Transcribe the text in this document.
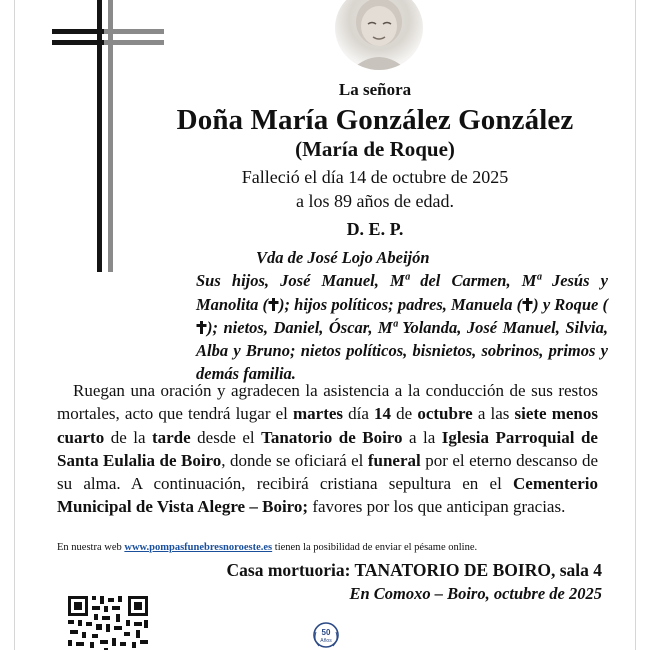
La señora
Doña María González González
(María de Roque)
Falleció el día 14 de octubre de 2025
a los 89 años de edad.
D. E. P.
Vda de José Lojo Abeijón
Sus hijos, José Manuel, Mª del Carmen, Mª Jesús y Manolita ( ); hijos políticos; padres, Manuela ( ) y Roque (); nietos, Daniel, Óscar, Mª Yolanda, José Manuel, Silvia, Alba y Bruno; nietos políticos, bisnietos, sobrinos, primos y demás familia.
Ruegan una oración y agradecen la asistencia a la conducción de sus restos mortales, acto que tendrá lugar el martes día 14 de octubre a las siete menos cuarto de la tarde desde el Tanatorio de Boiro a la Iglesia Parroquial de Santa Eulalia de Boiro, donde se oficiará el funeral por el eterno descanso de su alma. A continuación, recibirá cristiana sepultura en el Cementerio Municipal de Vista Alegre – Boiro; favores por los que anticipan gracias.
En nuestra web www.pompasfunebresnoroeste.es tienen la posibilidad de enviar el pésame online.
Casa mortuoria: TANATORIO DE BOIRO, sala 4
En Comoxo – Boiro, octubre de 2025
50
Años
